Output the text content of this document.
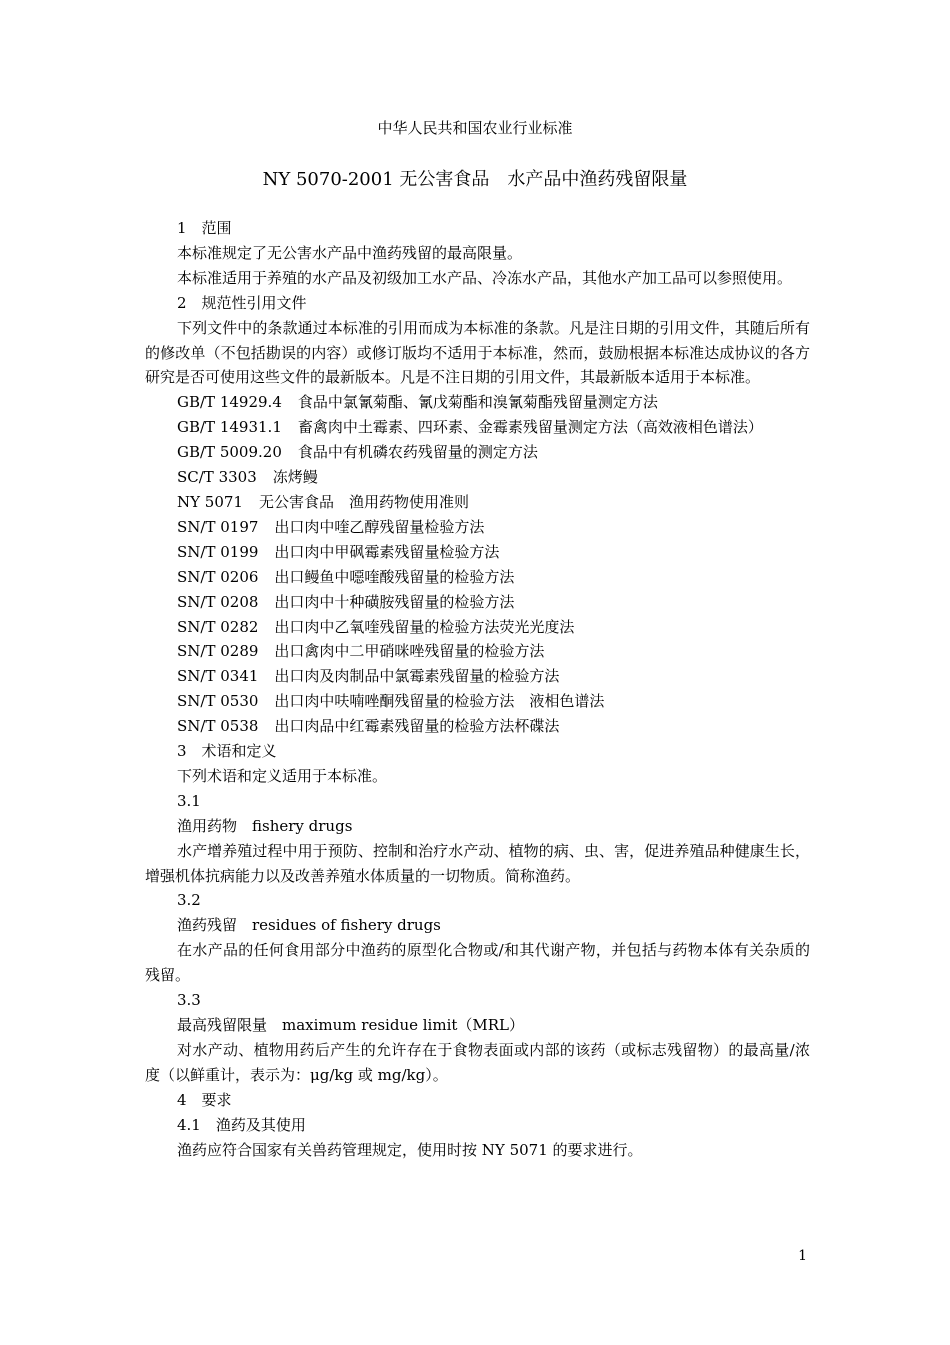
中华人民共和国农业行业标准
NY 5070-2001 无公害食品　水产品中渔药残留限量

1　范围

本标准规定了无公害水产品中渔药残留的最高限量。

本标准适用于养殖的水产品及初级加工水产品、冷冻水产品，其他水产加工品可以参照使用。

2　规范性引用文件

下列文件中的条款通过本标准的引用而成为本标准的条款。凡是注日期的引用文件，其随后所有的修改单（不包括勘误的内容）或修订版均不适用于本标准，然而，鼓励根据本标准达成协议的各方研究是否可使用这些文件的最新版本。凡是不注日期的引用文件，其最新版本适用于本标准。

GB/T 14929.4 食品中氯氰菊酯、氰戊菊酯和溴氰菊酯残留量测定方法

GB/T 14931.1 畜禽肉中土霉素、四环素、金霉素残留量测定方法（高效液相色谱法）

GB/T 5009.20 食品中有机磷农药残留量的测定方法

SC/T 3303 冻烤鳗

NY 5071 无公害食品　渔用药物使用准则

SN/T 0197 出口肉中喹乙醇残留量检验方法

SN/T 0199 出口肉中甲砜霉素残留量检验方法

SN/T 0206 出口鳗鱼中噁喹酸残留量的检验方法

SN/T 0208 出口肉中十种磺胺残留量的检验方法

SN/T 0282 出口肉中乙氧喹残留量的检验方法荧光光度法

SN/T 0289 出口禽肉中二甲硝咪唑残留量的检验方法

SN/T 0341 出口肉及肉制品中氯霉素残留量的检验方法

SN/T 0530 出口肉中呋喃唑酮残留量的检验方法　液相色谱法

SN/T 0538 出口肉品中红霉素残留量的检验方法杯碟法

3　术语和定义

下列术语和定义适用于本标准。

3.1

渔用药物　fishery drugs

水产增养殖过程中用于预防、控制和治疗水产动、植物的病、虫、害，促进养殖品种健康生长，增强机体抗病能力以及改善养殖水体质量的一切物质。简称渔药。

3.2

渔药残留　residues of fishery drugs

在水产品的任何食用部分中渔药的原型化合物或/和其代谢产物，并包括与药物本体有关杂质的残留。

3.3

最高残留限量　maximum residue limit（MRL）

对水产动、植物用药后产生的允许存在于食物表面或内部的该药（或标志残留物）的最高量/浓度（以鲜重计，表示为：μg/kg 或 mg/kg）。

4　要求

4.1　渔药及其使用

渔药应符合国家有关兽药管理规定，使用时按 NY 5071 的要求进行。

1
